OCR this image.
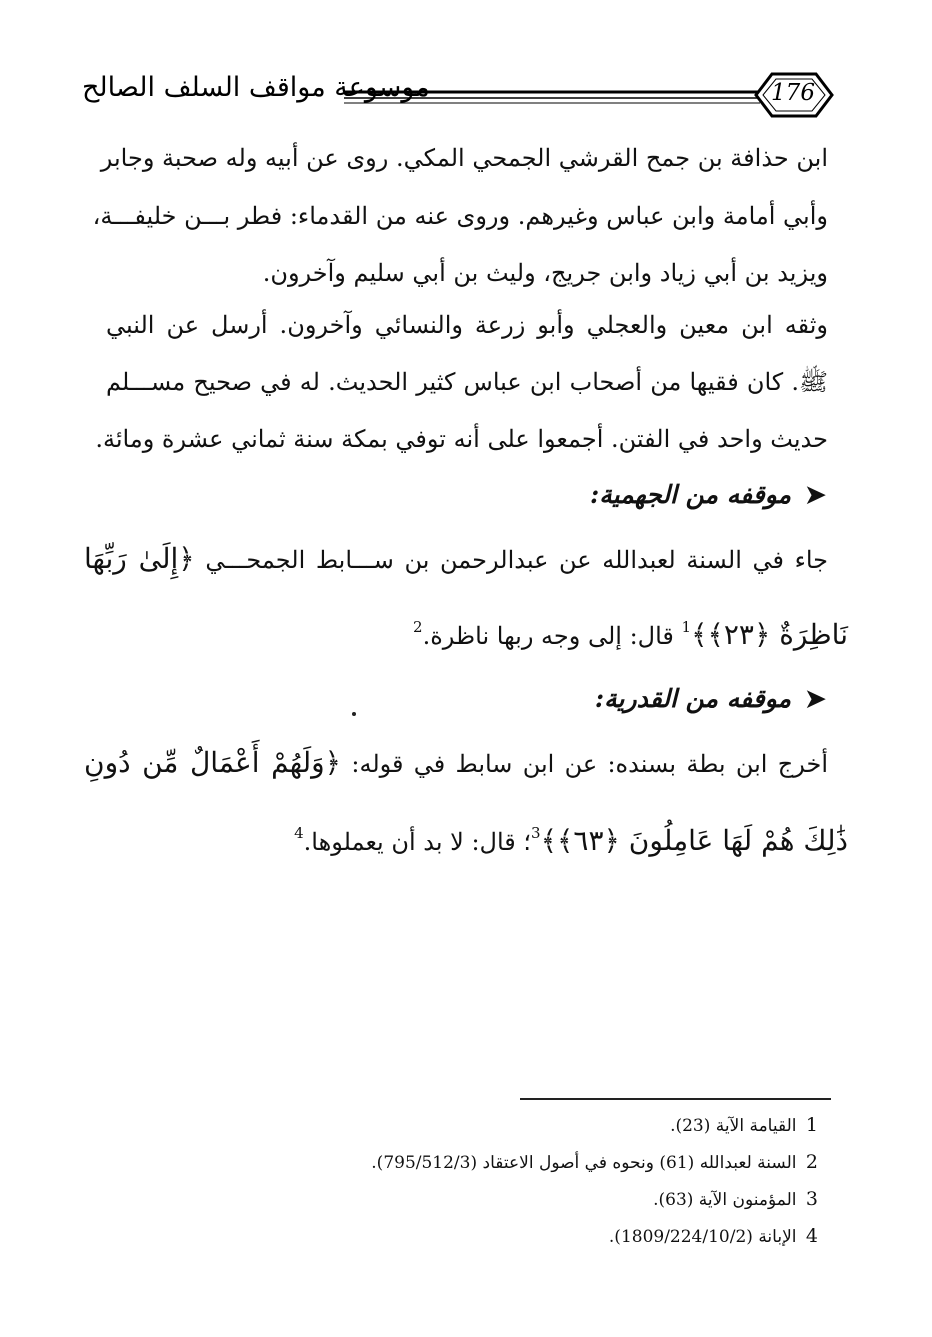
موسوعة مواقف السلف الصالح	176
ابن حذافة بن جمح القرشي الجمحي المكي. روى عن أبيه وله صحبة وجابر
وأبي أمامة وابن عباس وغيرهم. وروى عنه من القدماء: فطر بـــن خليفـــة،
ويزيد بن أبي زياد وابن جريج، وليث بن أبي سليم وآخرون.
وثقه ابن معين والعجلي وأبو زرعة والنسائي وآخرون. أرسل عن النبي
ﷺ. كان فقيها من أصحاب ابن عباس كثير الحديث. له في صحيح مســـلم
حديث واحد في الفتن. أجمعوا على أنه توفي بمكة سنة ثماني عشرة ومائة.
➤موقفه من الجهمية:
جاء في السنة لعبدالله عن عبدالرحمن بن ســـابط الجمحـــي ﴿إِلَىٰ رَبِّهَا
نَاظِرَةٌ ﴿٢٣﴾﴾$^1$ قال: إلى وجه ربها ناظرة.$^2$
➤موقفه من القدرية:
أخرج ابن بطة بسنده: عن ابن سابط في قوله: ﴿وَلَهُمْ أَعْمَالٌ مِّن دُونِ
ذَٰلِكَ هُمْ لَهَا عَامِلُونَ ﴿٦٣﴾﴾$^3$؛ قال: لا بد أن يعملوها.$^4$
1 القيامة الآية (23).
2 السنة لعبدالله (61) ونحوه في أصول الاعتقاد (795/512/3).
3 المؤمنون الآية (63).
4 الإبانة (1809/224/10/2).
